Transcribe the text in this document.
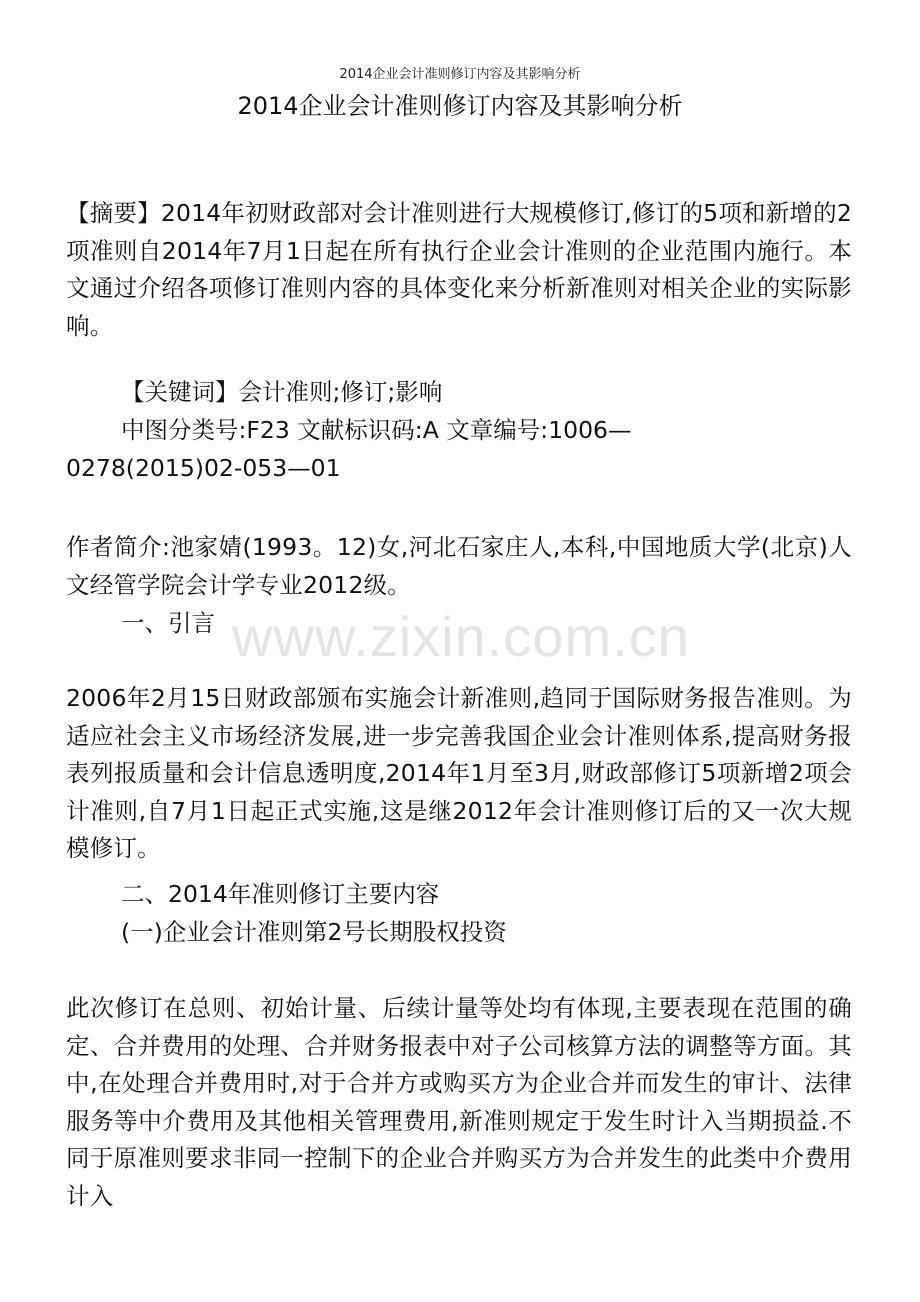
2014企业会计准则修订内容及其影响分析
2014企业会计准则修订内容及其影响分析

【摘要】2014年初财政部对会计准则进行大规模修订,修订的5项和新增的2项准则自2014年7月1日起在所有执行企业会计准则的企业范围内施行。本文通过介绍各项修订准则内容的具体变化来分析新准则对相关企业的实际影响。

【关键词】会计准则;修订;影响

中图分类号:F23 文献标识码:A 文章编号:1006—

0278(2015)02-053—01

作者简介:池家婧(1993。12)女,河北石家庄人,本科,中国地质大学(北京)人文经管学院会计学专业2012级。

一、引言

2006年2月15日财政部颁布实施会计新准则,趋同于国际财务报告准则。为适应社会主义市场经济发展,进一步完善我国企业会计准则体系,提高财务报表列报质量和会计信息透明度,2014年1月至3月,财政部修订5项新增2项会计准则,自7月1日起正式实施,这是继2012年会计准则修订后的又一次大规模修订。

二、2014年准则修订主要内容

(一)企业会计准则第2号长期股权投资

此次修订在总则、初始计量、后续计量等处均有体现,主要表现在范围的确定、合并费用的处理、合并财务报表中对子公司核算方法的调整等方面。其中,在处理合并费用时,对于合并方或购买方为企业合并而发生的审计、法律服务等中介费用及其他相关管理费用,新准则规定于发生时计入当期损益.不同于原准则要求非同一控制下的企业合并购买方为合并发生的此类中介费用计入

www.zixin.com.cn
